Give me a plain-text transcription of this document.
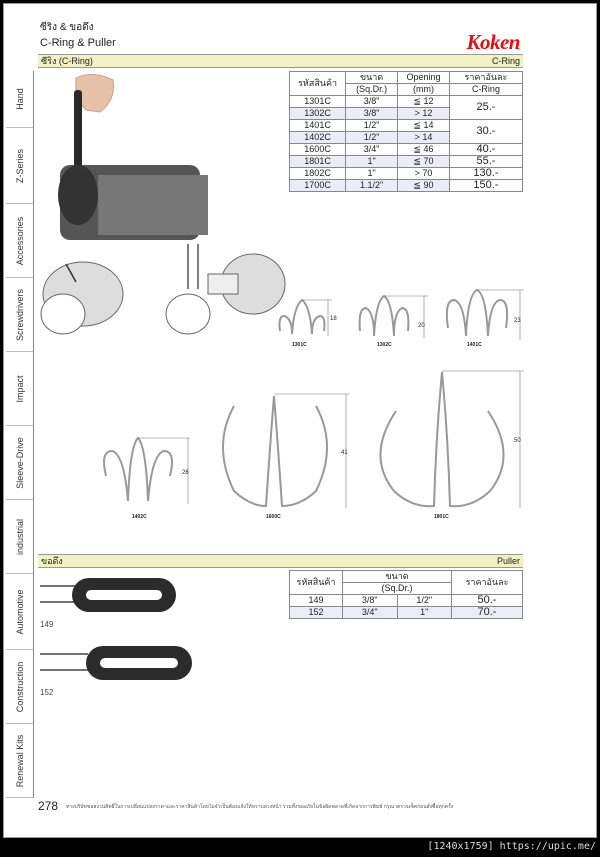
ซีริง & ขอดึง
C-Ring & Puller	Koken
Hand
Z-Series
Accessories
Screwdrivers
Impact
Sleeve-Drive
industrial
Automotive
Construction
Renewal Kits
ซีริง (C-Ring)	C-Ring
รหัสสินค้า	ขนาด	Opening	ราคาอันละ
	(Sq.Dr.)	(mm)	C-Ring
1301C	3/8"	≦ 12	25.-
1302C	3/8"	> 12	
1401C	1/2"	≦ 14	30.-
1402C	1/2"	> 14	
1600C	3/4"	≦ 46	40.-
1801C	1"	≦ 70	55.-
1802C	1"	> 70	130.-
1700C	1.1/2"	≦ 90	150.-
18
1301C
20
1302C
23
1401C
26
1402C
41
1600C
50
1801C
ขอดึง	Puller
149
152
รหัสสินค้า	ขนาด		ราคาอันละ
	(Sq.Dr.)		
149	3/8"	1/2"	50.-
152	3/4"	1"	70.-
278 ทางบริษัทขอสงวนสิทธิ์ในการเปลี่ยนแปลงราคาและราคาสินค้าโดยไม่จำเป็นต้องแจ้งให้ทราบล่วงหน้า รวมทั้งขออภัยในข้อผิดพลาดที่เกิดจากการพิมพ์ กรุณาตรวจเช็คก่อนสั่งซื้อทุกครั้ง
[1240x1759] https://upic.me/
